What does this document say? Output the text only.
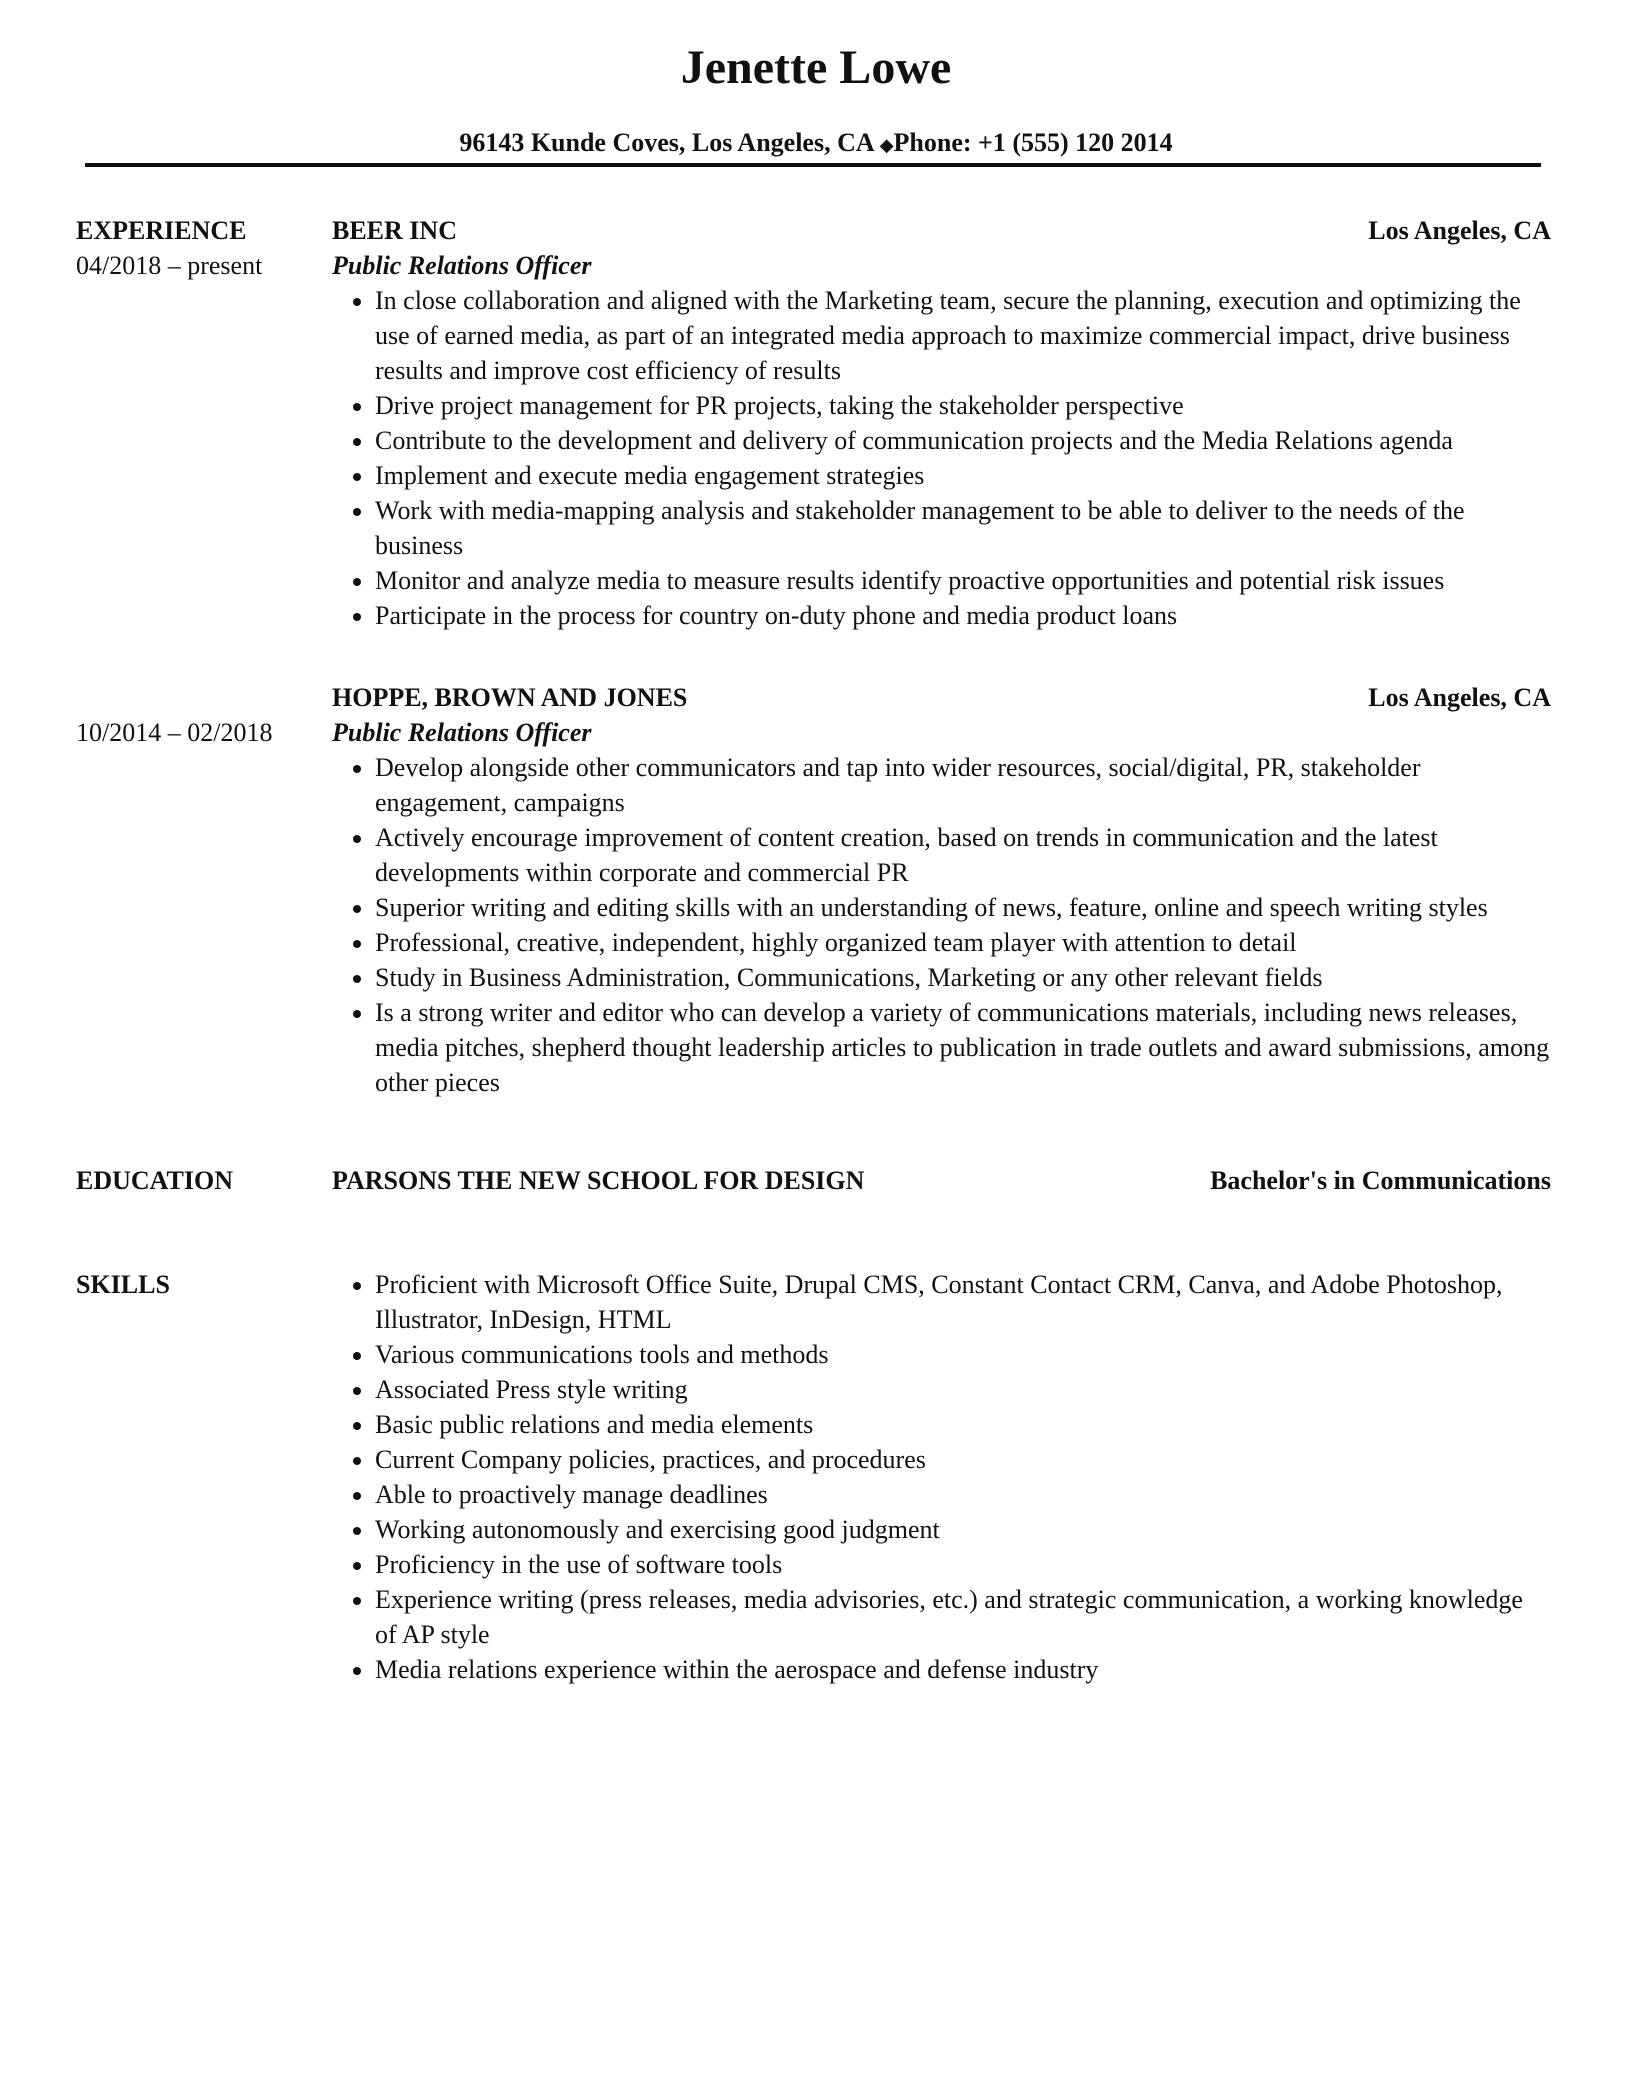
Jenette Lowe
96143 Kunde Coves, Los Angeles, CA ◆Phone: +1 (555) 120 2014
EXPERIENCE
04/2018 – present
BEER INC	Los Angeles, CA
Public Relations Officer
• In close collaboration and aligned with the Marketing team, secure the planning, execution and optimizing the use of earned media, as part of an integrated media approach to maximize commercial impact, drive business results and improve cost efficiency of results
• Drive project management for PR projects, taking the stakeholder perspective
• Contribute to the development and delivery of communication projects and the Media Relations agenda
• Implement and execute media engagement strategies
• Work with media-mapping analysis and stakeholder management to be able to deliver to the needs of the business
• Monitor and analyze media to measure results identify proactive opportunities and potential risk issues
• Participate in the process for country on-duty phone and media product loans

10/2014 – 02/2018
HOPPE, BROWN AND JONES	Los Angeles, CA
Public Relations Officer
• Develop alongside other communicators and tap into wider resources, social/digital, PR, stakeholder engagement, campaigns
• Actively encourage improvement of content creation, based on trends in communication and the latest developments within corporate and commercial PR
• Superior writing and editing skills with an understanding of news, feature, online and speech writing styles
• Professional, creative, independent, highly organized team player with attention to detail
• Study in Business Administration, Communications, Marketing or any other relevant fields
• Is a strong writer and editor who can develop a variety of communications materials, including news releases, media pitches, shepherd thought leadership articles to publication in trade outlets and award submissions, among other pieces
EDUCATION	PARSONS THE NEW SCHOOL FOR DESIGN	Bachelor's in Communications
SKILLS	• Proficient with Microsoft Office Suite, Drupal CMS, Constant Contact CRM, Canva, and Adobe Photoshop, Illustrator, InDesign, HTML
• Various communications tools and methods
• Associated Press style writing
• Basic public relations and media elements
• Current Company policies, practices, and procedures
• Able to proactively manage deadlines
• Working autonomously and exercising good judgment
• Proficiency in the use of software tools
• Experience writing (press releases, media advisories, etc.) and strategic communication, a working knowledge of AP style
• Media relations experience within the aerospace and defense industry
